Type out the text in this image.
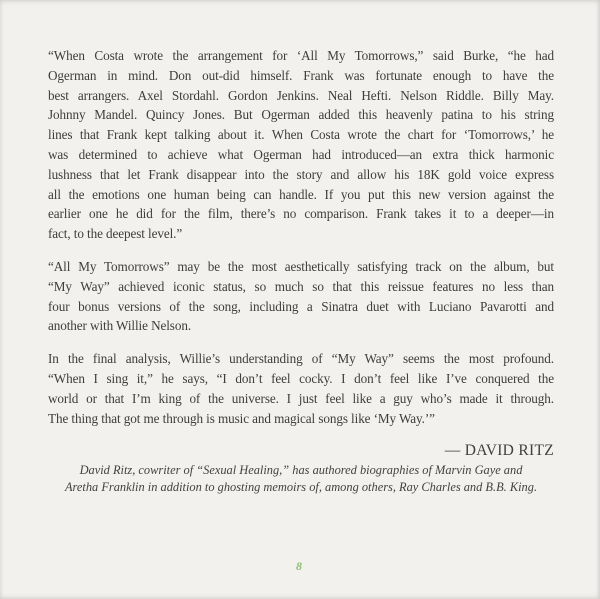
“When Costa wrote the arrangement for ‘All My Tomorrows,” said Burke, “he had
Ogerman in mind. Don out-did himself. Frank was fortunate enough to have the
best arrangers. Axel Stordahl. Gordon Jenkins. Neal Hefti. Nelson Riddle. Billy May.
Johnny Mandel. Quincy Jones. But Ogerman added this heavenly patina to his string
lines that Frank kept talking about it. When Costa wrote the chart for ‘Tomorrows,’ he
was determined to achieve what Ogerman had introduced—an extra thick harmonic
lushness that let Frank disappear into the story and allow his 18K gold voice express
all the emotions one human being can handle. If you put this new version against the
earlier one he did for the film, there’s no comparison. Frank takes it to a deeper—in
fact, to the deepest level.”
“All My Tomorrows” may be the most aesthetically satisfying track on the album, but
“My Way” achieved iconic status, so much so that this reissue features no less than
four bonus versions of the song, including a Sinatra duet with Luciano Pavarotti and
another with Willie Nelson.
In the final analysis, Willie’s understanding of “My Way” seems the most profound.
“When I sing it,” he says, “I don’t feel cocky. I don’t feel like I’ve conquered the
world or that I’m king of the universe. I just feel like a guy who’s made it through.
The thing that got me through is music and magical songs like ‘My Way.’”
— DAVID RITZ
David Ritz, cowriter of “Sexual Healing,” has authored biographies of Marvin Gaye and
Aretha Franklin in addition to ghosting memoirs of, among others, Ray Charles and B.B. King.
8
